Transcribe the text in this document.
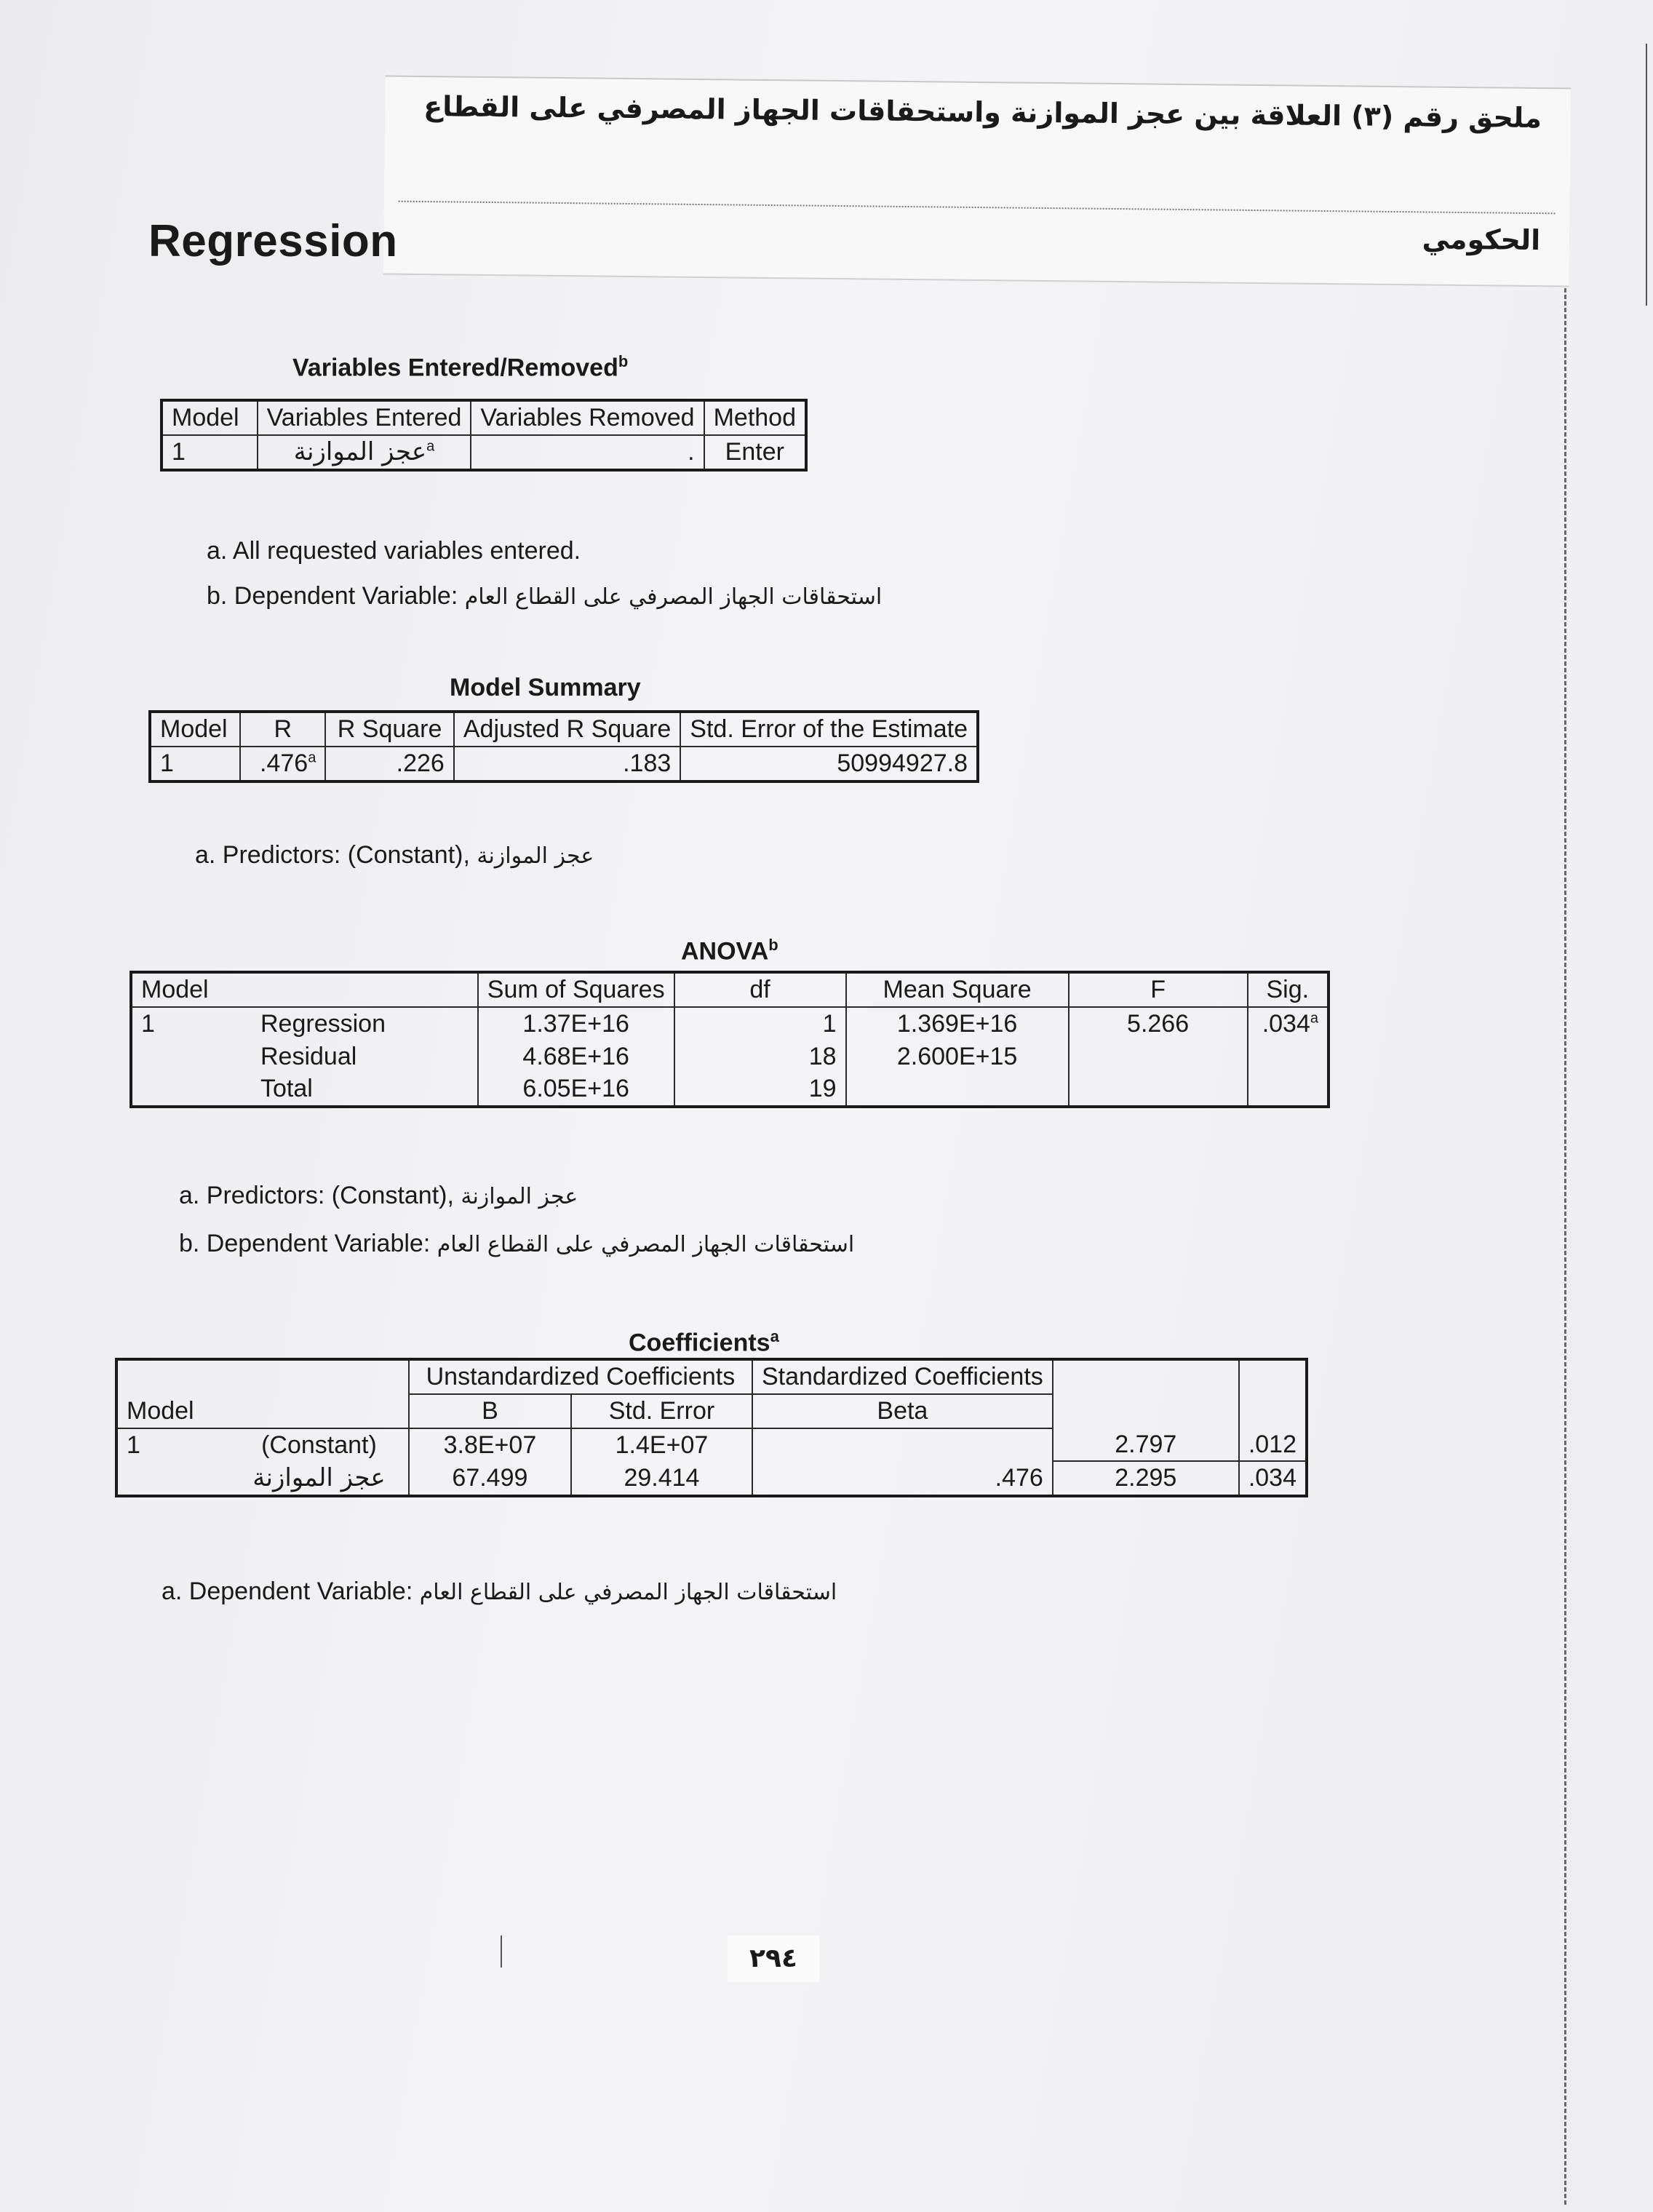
ملحق رقم (٣) العلاقة بين عجز الموازنة واستحقاقات الجهاز المصرفي على القطاع
الحكومي
Regression
Variables Entered/Removed$^b$
Model	Variables Entered	Variables Removed	Method
1	عجز الموازنة$^a$	.	Enter
a. All requested variables entered.
b. Dependent Variable: استحقاقات الجهاز المصرفي على القطاع العام
Model Summary
Model	R	R Square	Adjusted R Square	Std. Error of the Estimate
1	.476$^a$	.226	.183	50994927.8
a. Predictors: (Constant), عجز الموازنة
ANOVA$^b$
Model		Sum of Squares	df	Mean Square	F	Sig.
1	Regression	1.37E+16	1	1.369E+16	5.266	.034$^a$
	Residual	4.68E+16	18	2.600E+15		
	Total	6.05E+16	19			
a. Predictors: (Constant), عجز الموازنة
b. Dependent Variable: استحقاقات الجهاز المصرفي على القطاع العام
Coefficients$^a$
Model		Unstandardized Coefficients		Standardized Coefficients		
		B	Std. Error	Beta		
1	(Constant)	3.8E+07	1.4E+07		2.797	.012
	عجز الموازنة	67.499	29.414	.476	2.295	.034
a. Dependent Variable: استحقاقات الجهاز المصرفي على القطاع العام
٢٩٤
